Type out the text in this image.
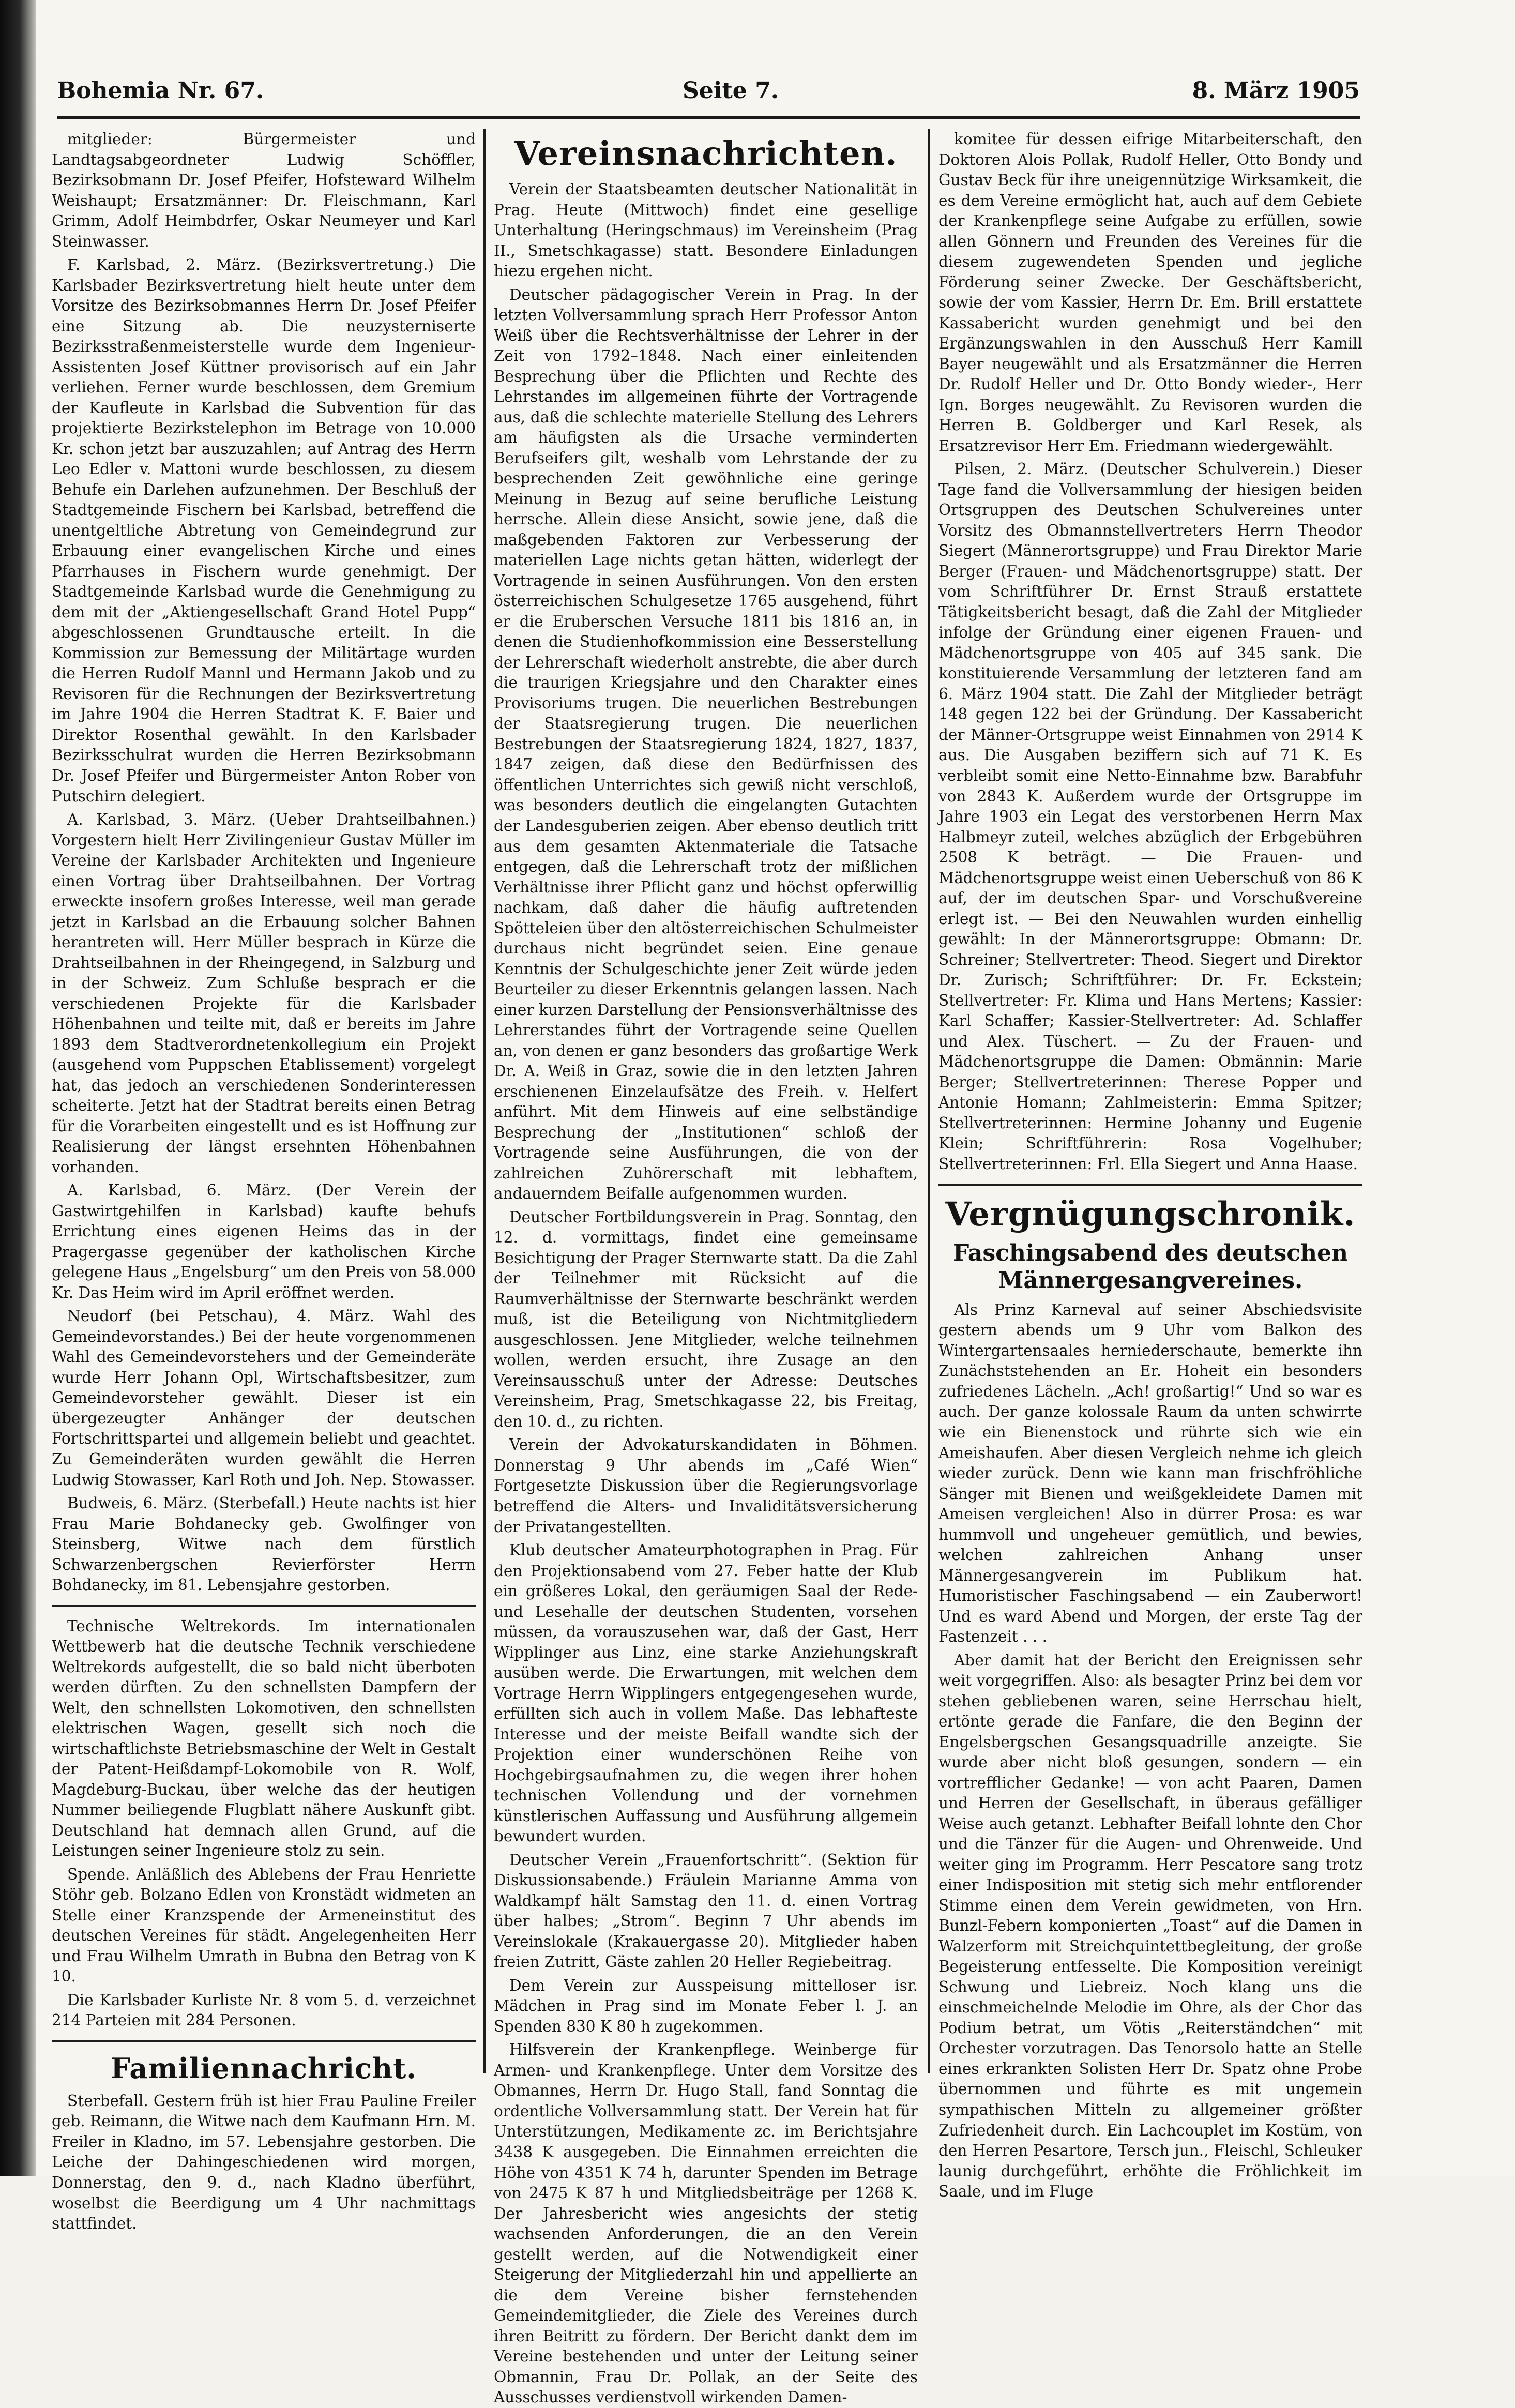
Bohemia Nr. 67.	Seite 7.	8. März 1905

mitglieder: Bürgermeister und Landtagsabgeordneter Ludwig Schöffler, Bezirksobmann Dr. Josef Pfeifer, Hofsteward Wilhelm Weishaupt; Ersatzmänner: Dr. Fleischmann, Karl Grimm, Adolf Heimbdrfer, Oskar Neumeyer und Karl Steinwasser.

F. Karlsbad, 2. März. (Bezirksvertretung.) Die Karlsbader Bezirksvertretung hielt heute unter dem Vorsitze des Bezirksobmannes Herrn Dr. Josef Pfeifer eine Sitzung ab. Die neuzysterniserte Bezirksstraßenmeisterstelle wurde dem Ingenieur-Assistenten Josef Küttner provisorisch auf ein Jahr verliehen. Ferner wurde beschlossen, dem Gremium der Kaufleute in Karlsbad die Subvention für das projektierte Bezirkstelephon im Betrage von 10.000 Kr. schon jetzt bar auszuzahlen; auf Antrag des Herrn Leo Edler v. Mattoni wurde beschlossen, zu diesem Behufe ein Darlehen aufzunehmen. Der Beschluß der Stadtgemeinde Fischern bei Karlsbad, betreffend die unentgeltliche Abtretung von Gemeindegrund zur Erbauung einer evangelischen Kirche und eines Pfarrhauses in Fischern wurde genehmigt. Der Stadtgemeinde Karlsbad wurde die Genehmigung zu dem mit der „Aktiengesellschaft Grand Hotel Pupp“ abgeschlossenen Grundtausche erteilt. In die Kommission zur Bemessung der Militärtage wurden die Herren Rudolf Mannl und Hermann Jakob und zu Revisoren für die Rechnungen der Bezirksvertretung im Jahre 1904 die Herren Stadtrat K. F. Baier und Direktor Rosenthal gewählt. In den Karlsbader Bezirksschulrat wurden die Herren Bezirksobmann Dr. Josef Pfeifer und Bürgermeister Anton Rober von Putschirn delegiert.

A. Karlsbad, 3. März. (Ueber Drahtseilbahnen.) Vorgestern hielt Herr Zivilingenieur Gustav Müller im Vereine der Karlsbader Architekten und Ingenieure einen Vortrag über Drahtseilbahnen. Der Vortrag erweckte insofern großes Interesse, weil man gerade jetzt in Karlsbad an die Erbauung solcher Bahnen herantreten will. Herr Müller besprach in Kürze die Drahtseilbahnen in der Rheingegend, in Salzburg und in der Schweiz. Zum Schluße besprach er die verschiedenen Projekte für die Karlsbader Höhenbahnen und teilte mit, daß er bereits im Jahre 1893 dem Stadtverordnetenkollegium ein Projekt (ausgehend vom Puppschen Etablissement) vorgelegt hat, das jedoch an verschiedenen Sonderinteressen scheiterte. Jetzt hat der Stadtrat bereits einen Betrag für die Vorarbeiten eingestellt und es ist Hoffnung zur Realisierung der längst ersehnten Höhenbahnen vorhanden.

A. Karlsbad, 6. März. (Der Verein der Gastwirtgehilfen in Karlsbad) kaufte behufs Errichtung eines eigenen Heims das in der Pragergasse gegenüber der katholischen Kirche gelegene Haus „Engelsburg“ um den Preis von 58.000 Kr. Das Heim wird im April eröffnet werden.

Neudorf (bei Petschau), 4. März. Wahl des Gemeindevorstandes.) Bei der heute vorgenommenen Wahl des Gemeindevorstehers und der Gemeinderäte wurde Herr Johann Opl, Wirtschaftsbesitzer, zum Gemeindevorsteher gewählt. Dieser ist ein übergezeugter Anhänger der deutschen Fortschrittspartei und allgemein beliebt und geachtet. Zu Gemeinderäten wurden gewählt die Herren Ludwig Stowasser, Karl Roth und Joh. Nep. Stowasser.

Budweis, 6. März. (Sterbefall.) Heute nachts ist hier Frau Marie Bohdanecky geb. Gwolfinger von Steinsberg, Witwe nach dem fürstlich Schwarzenbergschen Revierförster Herrn Bohdanecky, im 81. Lebensjahre gestorben.

Technische Weltrekords. Im internationalen Wettbewerb hat die deutsche Technik verschiedene Weltrekords aufgestellt, die so bald nicht überboten werden dürften. Zu den schnellsten Dampfern der Welt, den schnellsten Lokomotiven, den schnellsten elektrischen Wagen, gesellt sich noch die wirtschaftlichste Betriebsmaschine der Welt in Gestalt der Patent-Heißdampf-Lokomobile von R. Wolf, Magdeburg-Buckau, über welche das der heutigen Nummer beiliegende Flugblatt nähere Auskunft gibt. Deutschland hat demnach allen Grund, auf die Leistungen seiner Ingenieure stolz zu sein.

Spende. Anläßlich des Ablebens der Frau Henriette Stöhr geb. Bolzano Edlen von Kronstädt widmeten an Stelle einer Kranzspende der Armeneinstitut des deutschen Vereines für städt. Angelegenheiten Herr und Frau Wilhelm Umrath in Bubna den Betrag von K 10.

Die Karlsbader Kurliste Nr. 8 vom 5. d. verzeichnet 214 Parteien mit 284 Personen.

Familiennachricht.

Sterbefall. Gestern früh ist hier Frau Pauline Freiler geb. Reimann, die Witwe nach dem Kaufmann Hrn. M. Freiler in Kladno, im 57. Lebensjahre gestorben. Die Leiche der Dahingeschiedenen wird morgen, Donnerstag, den 9. d., nach Kladno überführt, woselbst die Beerdigung um 4 Uhr nachmittags stattfindet.

Vereinsnachrichten.

Verein der Staatsbeamten deutscher Nationalität in Prag. Heute (Mittwoch) findet eine gesellige Unterhaltung (Heringschmaus) im Vereinsheim (Prag II., Smetschkagasse) statt. Besondere Einladungen hiezu ergehen nicht.

Deutscher pädagogischer Verein in Prag. In der letzten Vollversammlung sprach Herr Professor Anton Weiß über die Rechtsverhältnisse der Lehrer in der Zeit von 1792–1848. Nach einer einleitenden Besprechung über die Pflichten und Rechte des Lehrstandes im allgemeinen führte der Vortragende aus, daß die schlechte materielle Stellung des Lehrers am häufigsten als die Ursache verminderten Berufseifers gilt, weshalb vom Lehrstande der zu besprechenden Zeit gewöhnliche eine geringe Meinung in Bezug auf seine berufliche Leistung herrsche. Allein diese Ansicht, sowie jene, daß die maßgebenden Faktoren zur Verbesserung der materiellen Lage nichts getan hätten, widerlegt der Vortragende in seinen Ausführungen. Von den ersten österreichischen Schulgesetze 1765 ausgehend, führt er die Eruberschen Versuche 1811 bis 1816 an, in denen die Studienhofkommission eine Besserstellung der Lehrerschaft wiederholt anstrebte, die aber durch die traurigen Kriegsjahre und den Charakter eines Provisoriums trugen. Die neuerlichen Bestrebungen der Staatsregierung trugen. Die neuerlichen Bestrebungen der Staatsregierung 1824, 1827, 1837, 1847 zeigen, daß diese den Bedürfnissen des öffentlichen Unterrichtes sich gewiß nicht verschloß, was besonders deutlich die eingelangten Gutachten der Landesguberien zeigen. Aber ebenso deutlich tritt aus dem gesamten Aktenmateriale die Tatsache entgegen, daß die Lehrerschaft trotz der mißlichen Verhältnisse ihrer Pflicht ganz und höchst opferwillig nachkam, daß daher die häufig auftretenden Spötteleien über den altösterreichischen Schulmeister durchaus nicht begründet seien. Eine genaue Kenntnis der Schulgeschichte jener Zeit würde jeden Beurteiler zu dieser Erkenntnis gelangen lassen. Nach einer kurzen Darstellung der Pensionsverhältnisse des Lehrerstandes führt der Vortragende seine Quellen an, von denen er ganz besonders das großartige Werk Dr. A. Weiß in Graz, sowie die in den letzten Jahren erschienenen Einzelaufsätze des Freih. v. Helfert anführt. Mit dem Hinweis auf eine selbständige Besprechung der „Institutionen“ schloß der Vortragende seine Ausführungen, die von der zahlreichen Zuhörerschaft mit lebhaftem, andauerndem Beifalle aufgenommen wurden.

Deutscher Fortbildungsverein in Prag. Sonntag, den 12. d. vormittags, findet eine gemeinsame Besichtigung der Prager Sternwarte statt. Da die Zahl der Teilnehmer mit Rücksicht auf die Raumverhältnisse der Sternwarte beschränkt werden muß, ist die Beteiligung von Nichtmitgliedern ausgeschlossen. Jene Mitglieder, welche teilnehmen wollen, werden ersucht, ihre Zusage an den Vereinsausschuß unter der Adresse: Deutsches Vereinsheim, Prag, Smetschkagasse 22, bis Freitag, den 10. d., zu richten.

Verein der Advokaturskandidaten in Böhmen. Donnerstag 9 Uhr abends im „Café Wien“ Fortgesetzte Diskussion über die Regierungsvorlage betreffend die Alters- und Invaliditätsversicherung der Privatangestellten.

Klub deutscher Amateurphotographen in Prag. Für den Projektionsabend vom 27. Feber hatte der Klub ein größeres Lokal, den geräumigen Saal der Rede- und Lesehalle der deutschen Studenten, vorsehen müssen, da vorauszusehen war, daß der Gast, Herr Wipplinger aus Linz, eine starke Anziehungskraft ausüben werde. Die Erwartungen, mit welchen dem Vortrage Herrn Wipplingers entgegengesehen wurde, erfüllten sich auch in vollem Maße. Das lebhafteste Interesse und der meiste Beifall wandte sich der Projektion einer wunderschönen Reihe von Hochgebirgsaufnahmen zu, die wegen ihrer hohen technischen Vollendung und der vornehmen künstlerischen Auffassung und Ausführung allgemein bewundert wurden.

Deutscher Verein „Frauenfortschritt“. (Sektion für Diskussionsabende.) Fräulein Marianne Amma von Waldkampf hält Samstag den 11. d. einen Vortrag über halbes; „Strom“. Beginn 7 Uhr abends im Vereinslokale (Krakauergasse 20). Mitglieder haben freien Zutritt, Gäste zahlen 20 Heller Regiebeitrag.

Dem Verein zur Ausspeisung mittelloser isr. Mädchen in Prag sind im Monate Feber l. J. an Spenden 830 K 80 h zugekommen.

Hilfsverein der Krankenpflege. Weinberge für Armen- und Krankenpflege. Unter dem Vorsitze des Obmannes, Herrn Dr. Hugo Stall, fand Sonntag die ordentliche Vollversammlung statt. Der Verein hat für Unterstützungen, Medikamente zc. im Berichtsjahre 3438 K ausgegeben. Die Einnahmen erreichten die Höhe von 4351 K 74 h, darunter Spenden im Betrage von 2475 K 87 h und Mitgliedsbeiträge per 1268 K. Der Jahresbericht wies angesichts der stetig wachsenden Anforderungen, die an den Verein gestellt werden, auf die Notwendigkeit einer Steigerung der Mitgliederzahl hin und appellierte an die dem Vereine bisher fernstehenden Gemeindemitglieder, die Ziele des Vereines durch ihren Beitritt zu fördern. Der Bericht dankt dem im Vereine bestehenden und unter der Leitung seiner Obmannin, Frau Dr. Pollak, an der Seite des Ausschusses verdienstvoll wirkenden Damen-

komitee für dessen eifrige Mitarbeiterschaft, den Doktoren Alois Pollak, Rudolf Heller, Otto Bondy und Gustav Beck für ihre uneigennützige Wirksamkeit, die es dem Vereine ermöglicht hat, auch auf dem Gebiete der Krankenpflege seine Aufgabe zu erfüllen, sowie allen Gönnern und Freunden des Vereines für die diesem zugewendeten Spenden und jegliche Förderung seiner Zwecke. Der Geschäftsbericht, sowie der vom Kassier, Herrn Dr. Em. Brill erstattete Kassabericht wurden genehmigt und bei den Ergänzungswahlen in den Ausschuß Herr Kamill Bayer neugewählt und als Ersatzmänner die Herren Dr. Rudolf Heller und Dr. Otto Bondy wieder-, Herr Ign. Borges neugewählt. Zu Revisoren wurden die Herren B. Goldberger und Karl Resek, als Ersatzrevisor Herr Em. Friedmann wiedergewählt.

Pilsen, 2. März. (Deutscher Schulverein.) Dieser Tage fand die Vollversammlung der hiesigen beiden Ortsgruppen des Deutschen Schulvereines unter Vorsitz des Obmannstellvertreters Herrn Theodor Siegert (Männerortsgruppe) und Frau Direktor Marie Berger (Frauen- und Mädchenortsgruppe) statt. Der vom Schriftführer Dr. Ernst Strauß erstattete Tätigkeitsbericht besagt, daß die Zahl der Mitglieder infolge der Gründung einer eigenen Frauen- und Mädchenortsgruppe von 405 auf 345 sank. Die konstituierende Versammlung der letzteren fand am 6. März 1904 statt. Die Zahl der Mitglieder beträgt 148 gegen 122 bei der Gründung. Der Kassabericht der Männer-Ortsgruppe weist Einnahmen von 2914 K aus. Die Ausgaben beziffern sich auf 71 K. Es verbleibt somit eine Netto-Einnahme bzw. Barabfuhr von 2843 K. Außerdem wurde der Ortsgruppe im Jahre 1903 ein Legat des verstorbenen Herrn Max Halbmeyr zuteil, welches abzüglich der Erbgebühren 2508 K beträgt. — Die Frauen- und Mädchenortsgruppe weist einen Ueberschuß von 86 K auf, der im deutschen Spar- und Vorschußvereine erlegt ist. — Bei den Neuwahlen wurden einhellig gewählt: In der Männerortsgruppe: Obmann: Dr. Schreiner; Stellvertreter: Theod. Siegert und Direktor Dr. Zurisch; Schriftführer: Dr. Fr. Eckstein; Stellvertreter: Fr. Klima und Hans Mertens; Kassier: Karl Schaffer; Kassier-Stellvertreter: Ad. Schlaffer und Alex. Tüschert. — Zu der Frauen- und Mädchenortsgruppe die Damen: Obmännin: Marie Berger; Stellvertreterinnen: Therese Popper und Antonie Homann; Zahlmeisterin: Emma Spitzer; Stellvertreterinnen: Hermine Johanny und Eugenie Klein; Schriftführerin: Rosa Vogelhuber; Stellvertreterinnen: Frl. Ella Siegert und Anna Haase.

Vergnügungschronik.
Faschingsabend des deutschen Männergesangvereines.

Als Prinz Karneval auf seiner Abschiedsvisite gestern abends um 9 Uhr vom Balkon des Wintergartensaales herniederschaute, bemerkte ihn Zunächststehenden an Er. Hoheit ein besonders zufriedenes Lächeln. „Ach! großartig!“ Und so war es auch. Der ganze kolossale Raum da unten schwirrte wie ein Bienenstock und rührte sich wie ein Ameishaufen. Aber diesen Vergleich nehme ich gleich wieder zurück. Denn wie kann man frischfröhliche Sänger mit Bienen und weißgekleidete Damen mit Ameisen vergleichen! Also in dürrer Prosa: es war hummvoll und ungeheuer gemütlich, und bewies, welchen zahlreichen Anhang unser Männergesangverein im Publikum hat. Humoristischer Faschingsabend — ein Zauberwort! Und es ward Abend und Morgen, der erste Tag der Fastenzeit . . .

Aber damit hat der Bericht den Ereignissen sehr weit vorgegriffen. Also: als besagter Prinz bei dem vor stehen gebliebenen waren, seine Herrschau hielt, ertönte gerade die Fanfare, die den Beginn der Engelsbergschen Gesangsquadrille anzeigte. Sie wurde aber nicht bloß gesungen, sondern — ein vortrefflicher Gedanke! — von acht Paaren, Damen und Herren der Gesellschaft, in überaus gefälliger Weise auch getanzt. Lebhafter Beifall lohnte den Chor und die Tänzer für die Augen- und Ohrenweide. Und weiter ging im Programm. Herr Pescatore sang trotz einer Indisposition mit stetig sich mehr entflorender Stimme einen dem Verein gewidmeten, von Hrn. Bunzl-Febern komponierten „Toast“ auf die Damen in Walzerform mit Streichquintettbegleitung, der große Begeisterung entfesselte. Die Komposition vereinigt Schwung und Liebreiz. Noch klang uns die einschmeichelnde Melodie im Ohre, als der Chor das Podium betrat, um Vötis „Reiterständchen“ mit Orchester vorzutragen. Das Tenorsolo hatte an Stelle eines erkrankten Solisten Herr Dr. Spatz ohne Probe übernommen und führte es mit ungemein sympathischen Mitteln zu allgemeiner größter Zufriedenheit durch. Ein Lachcouplet im Kostüm, von den Herren Pesartore, Tersch jun., Fleischl, Schleuker launig durchgeführt, erhöhte die Fröhlichkeit im Saale, und im Fluge
